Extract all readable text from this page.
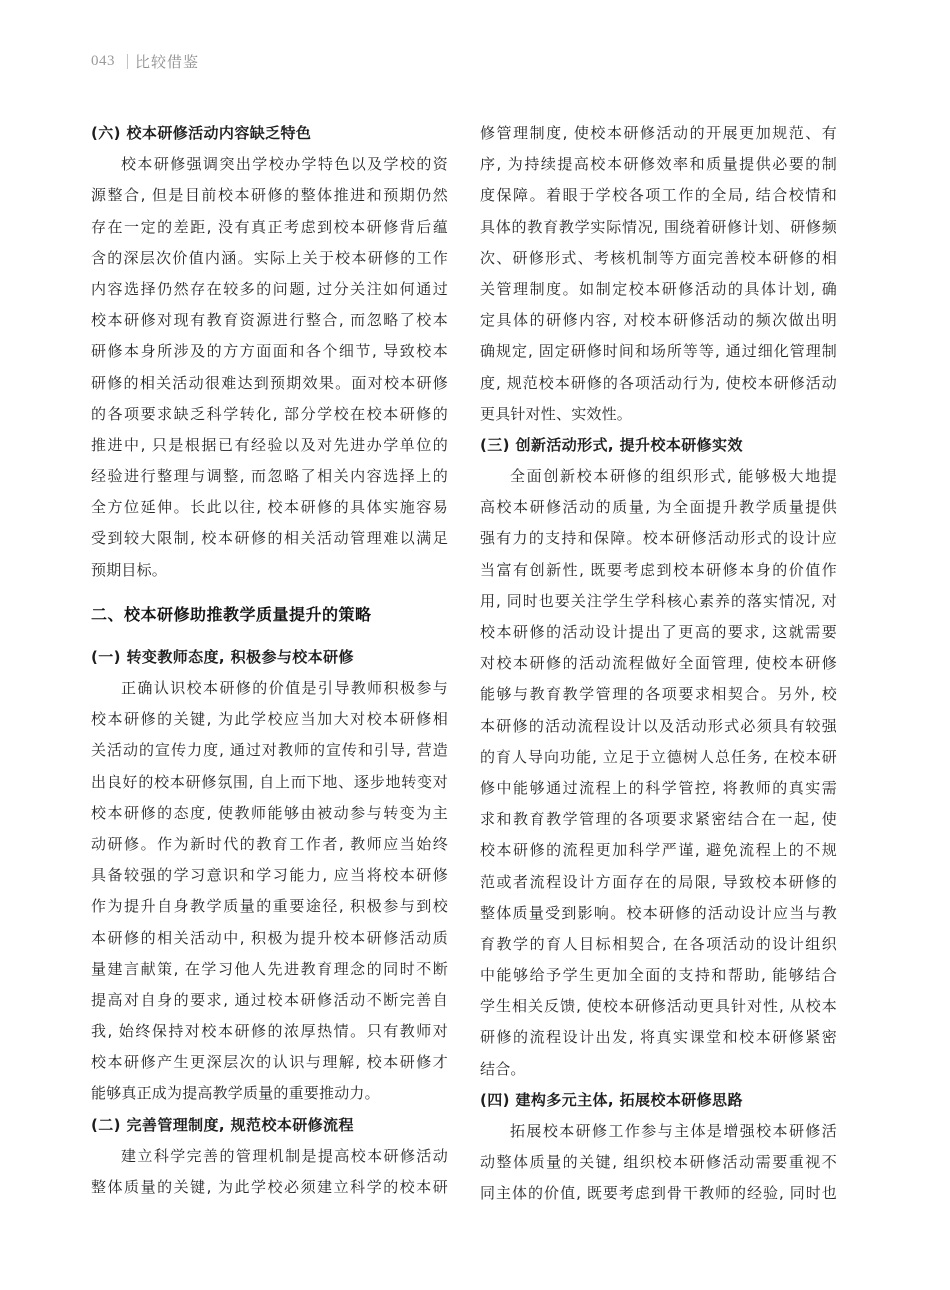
043 比较借鉴
(六) 校本研修活动内容缺乏特色
校本研修强调突出学校办学特色以及学校的资
源整合, 但是目前校本研修的整体推进和预期仍然
存在一定的差距, 没有真正考虑到校本研修背后蕴
含的深层次价值内涵。实际上关于校本研修的工作
内容选择仍然存在较多的问题, 过分关注如何通过
校本研修对现有教育资源进行整合, 而忽略了校本
研修本身所涉及的方方面面和各个细节, 导致校本
研修的相关活动很难达到预期效果。面对校本研修
的各项要求缺乏科学转化, 部分学校在校本研修的
推进中, 只是根据已有经验以及对先进办学单位的
经验进行整理与调整, 而忽略了相关内容选择上的
全方位延伸。长此以往, 校本研修的具体实施容易
受到较大限制, 校本研修的相关活动管理难以满足
预期目标。
二、校本研修助推教学质量提升的策略
(一) 转变教师态度, 积极参与校本研修
正确认识校本研修的价值是引导教师积极参与
校本研修的关键, 为此学校应当加大对校本研修相
关活动的宣传力度, 通过对教师的宣传和引导, 营造
出良好的校本研修氛围, 自上而下地、逐步地转变对
校本研修的态度, 使教师能够由被动参与转变为主
动研修。作为新时代的教育工作者, 教师应当始终
具备较强的学习意识和学习能力, 应当将校本研修
作为提升自身教学质量的重要途径, 积极参与到校
本研修的相关活动中, 积极为提升校本研修活动质
量建言献策, 在学习他人先进教育理念的同时不断
提高对自身的要求, 通过校本研修活动不断完善自
我, 始终保持对校本研修的浓厚热情。只有教师对
校本研修产生更深层次的认识与理解, 校本研修才
能够真正成为提高教学质量的重要推动力。
(二) 完善管理制度, 规范校本研修流程
建立科学完善的管理机制是提高校本研修活动
整体质量的关键, 为此学校必须建立科学的校本研
修管理制度, 使校本研修活动的开展更加规范、有
序, 为持续提高校本研修效率和质量提供必要的制
度保障。着眼于学校各项工作的全局, 结合校情和
具体的教育教学实际情况, 围绕着研修计划、研修频
次、研修形式、考核机制等方面完善校本研修的相
关管理制度。如制定校本研修活动的具体计划, 确
定具体的研修内容, 对校本研修活动的频次做出明
确规定, 固定研修时间和场所等等, 通过细化管理制
度, 规范校本研修的各项活动行为, 使校本研修活动
更具针对性、实效性。
(三) 创新活动形式, 提升校本研修实效
全面创新校本研修的组织形式, 能够极大地提
高校本研修活动的质量, 为全面提升教学质量提供
强有力的支持和保障。校本研修活动形式的设计应
当富有创新性, 既要考虑到校本研修本身的价值作
用, 同时也要关注学生学科核心素养的落实情况, 对
校本研修的活动设计提出了更高的要求, 这就需要
对校本研修的活动流程做好全面管理, 使校本研修
能够与教育教学管理的各项要求相契合。另外, 校
本研修的活动流程设计以及活动形式必须具有较强
的育人导向功能, 立足于立德树人总任务, 在校本研
修中能够通过流程上的科学管控, 将教师的真实需
求和教育教学管理的各项要求紧密结合在一起, 使
校本研修的流程更加科学严谨, 避免流程上的不规
范或者流程设计方面存在的局限, 导致校本研修的
整体质量受到影响。校本研修的活动设计应当与教
育教学的育人目标相契合, 在各项活动的设计组织
中能够给予学生更加全面的支持和帮助, 能够结合
学生相关反馈, 使校本研修活动更具针对性, 从校本
研修的流程设计出发, 将真实课堂和校本研修紧密
结合。
(四) 建构多元主体, 拓展校本研修思路
拓展校本研修工作参与主体是增强校本研修活
动整体质量的关键, 组织校本研修活动需要重视不
同主体的价值, 既要考虑到骨干教师的经验, 同时也
